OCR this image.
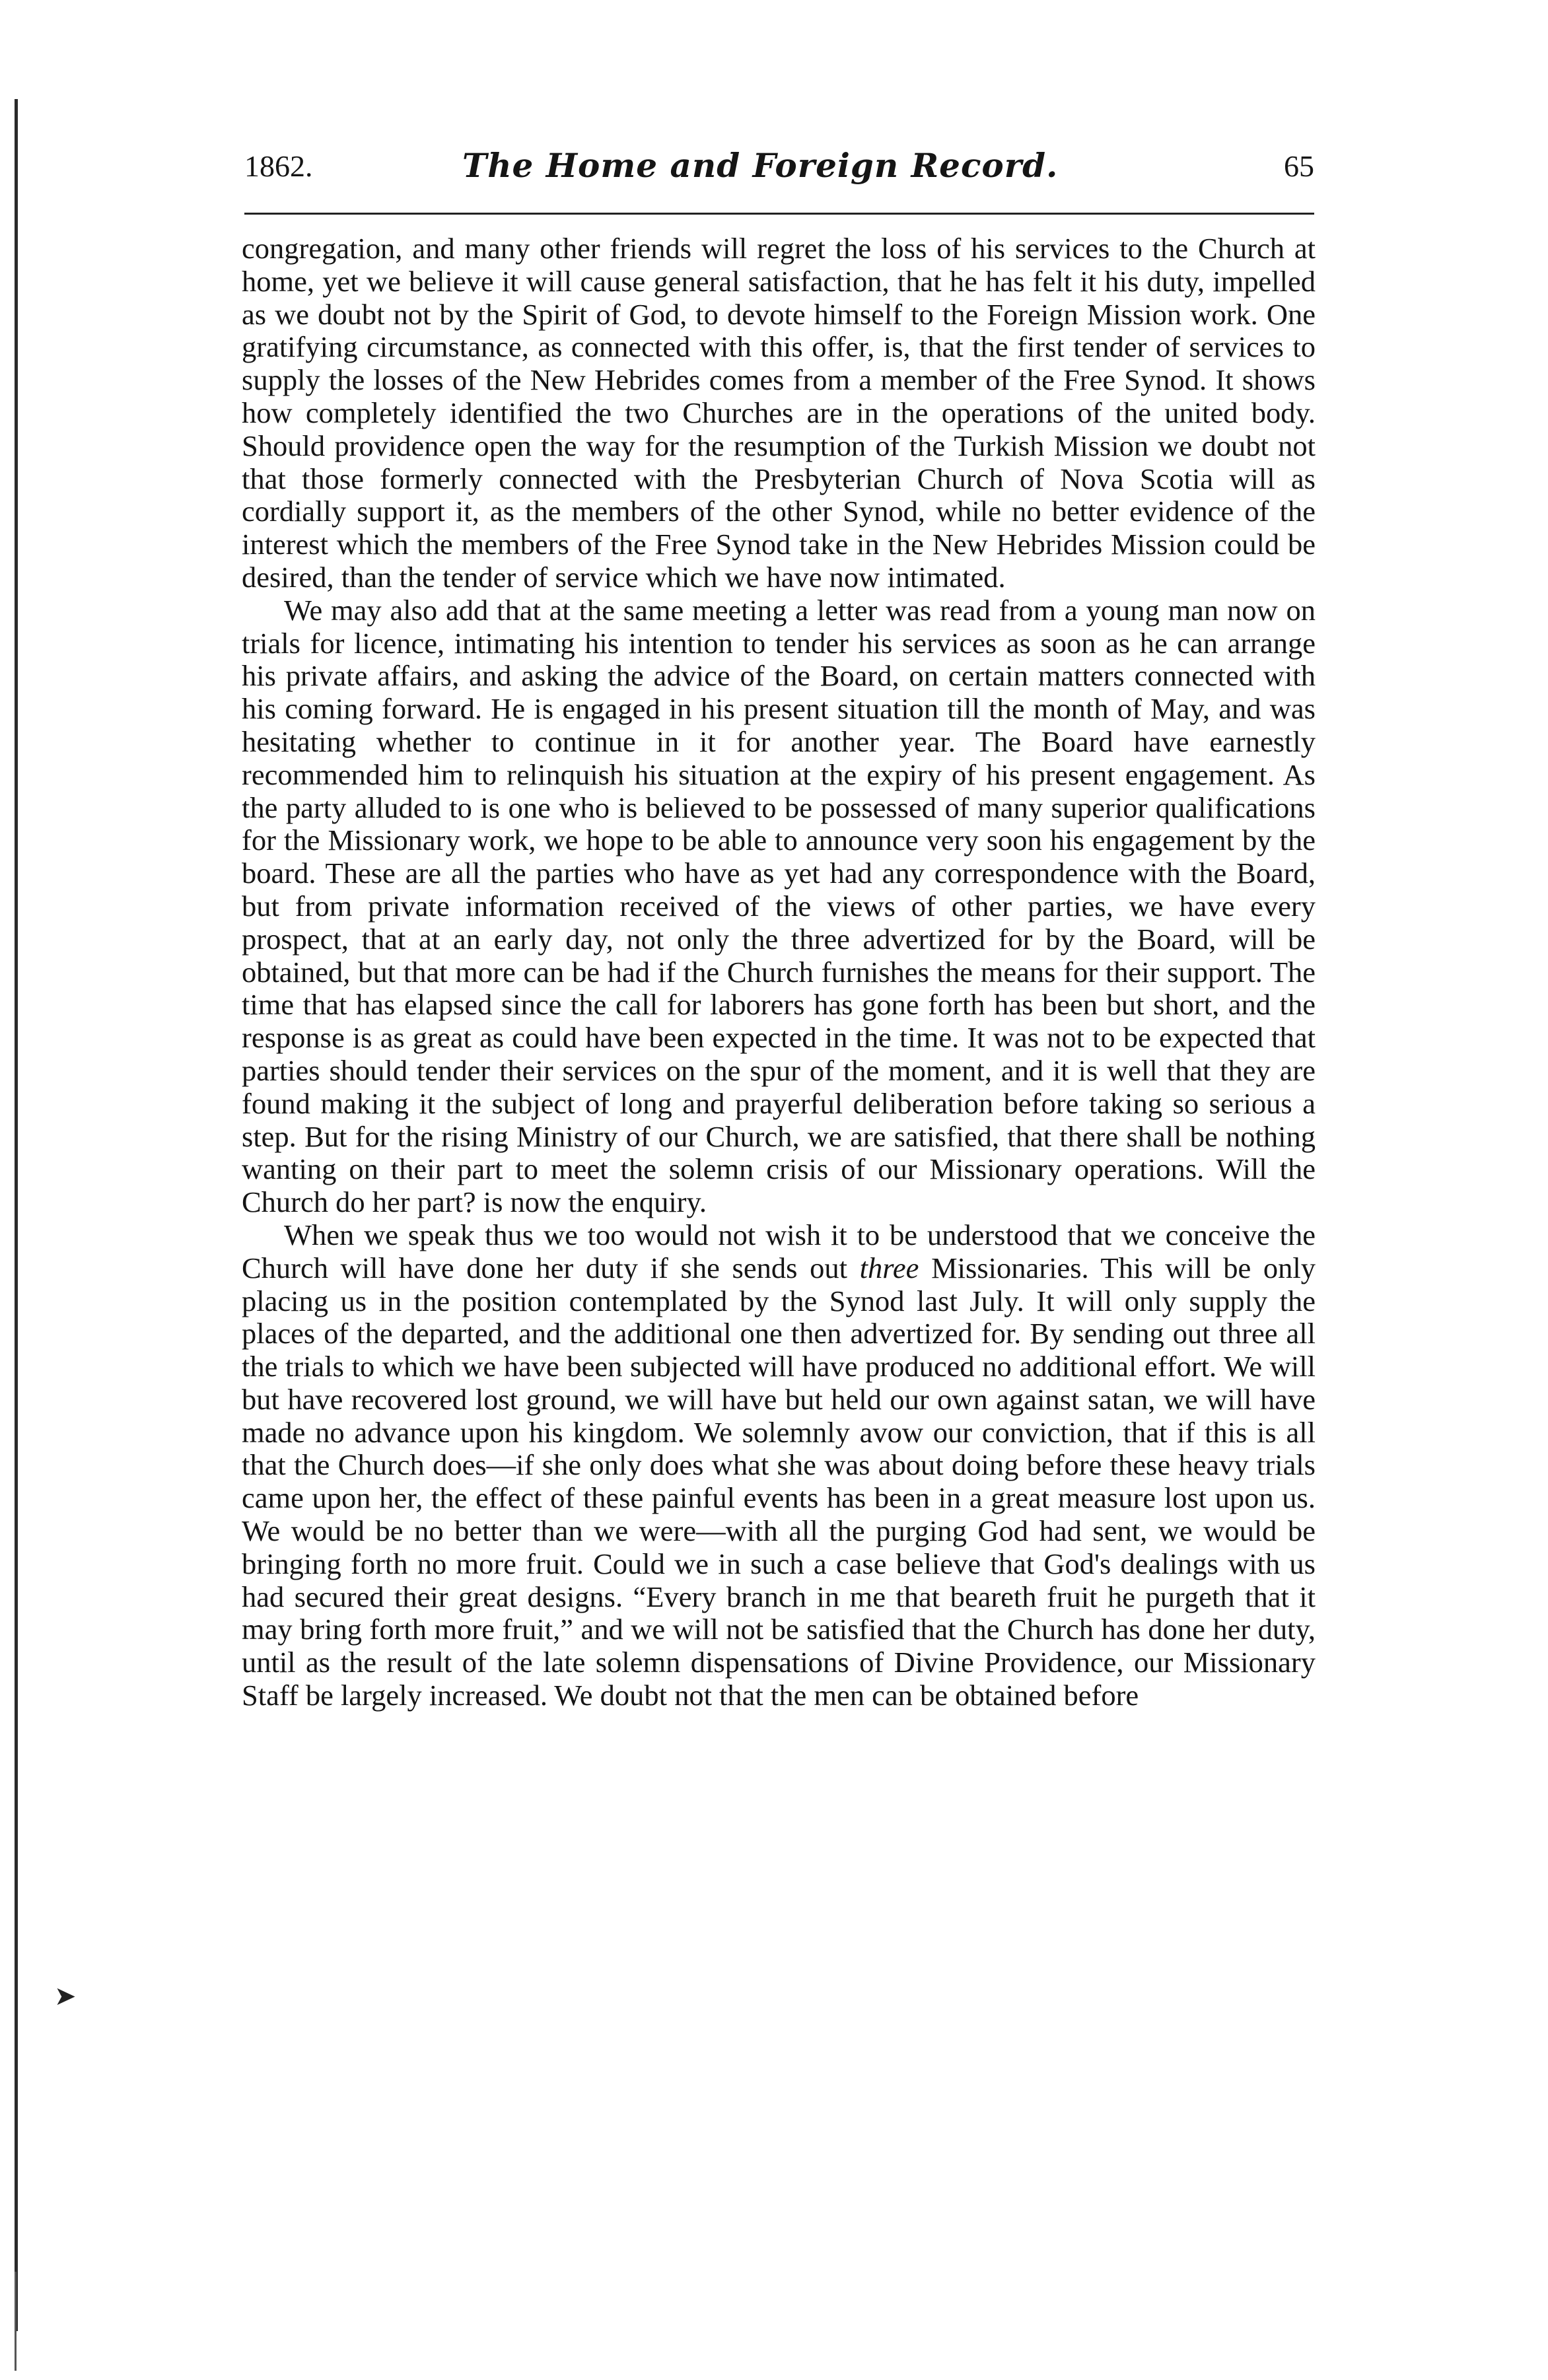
1862.	The Home and Foreign Record.	65

congregation, and many other friends will regret the loss of his services to the Church at home, yet we believe it will cause general satisfaction, that he has felt it his duty, impelled as we doubt not by the Spirit of God, to devote himself to the Foreign Mission work. One gratifying circumstance, as connected with this offer, is, that the first tender of services to supply the losses of the New Hebrides comes from a member of the Free Synod. It shows how completely identified the two Churches are in the operations of the united body. Should providence open the way for the resumption of the Turkish Mission we doubt not that those formerly connected with the Presbyterian Church of Nova Scotia will as cordially support it, as the members of the other Synod, while no better evidence of the interest which the members of the Free Synod take in the New Hebrides Mission could be desired, than the tender of service which we have now intimated.

We may also add that at the same meeting a letter was read from a young man now on trials for licence, intimating his intention to tender his services as soon as he can arrange his private affairs, and asking the advice of the Board, on certain matters connected with his coming forward. He is engaged in his present situation till the month of May, and was hesitating whether to continue in it for another year. The Board have earnestly recommended him to relinquish his situation at the expiry of his present engagement. As the party alluded to is one who is believed to be possessed of many superior qualifications for the Missionary work, we hope to be able to announce very soon his engagement by the board. These are all the parties who have as yet had any correspondence with the Board, but from private information received of the views of other parties, we have every prospect, that at an early day, not only the three advertized for by the Board, will be obtained, but that more can be had if the Church furnishes the means for their support. The time that has elapsed since the call for laborers has gone forth has been but short, and the response is as great as could have been expected in the time. It was not to be expected that parties should tender their services on the spur of the moment, and it is well that they are found making it the subject of long and prayerful deliberation before taking so serious a step. But for the rising Ministry of our Church, we are satisfied, that there shall be nothing wanting on their part to meet the solemn crisis of our Missionary operations. Will the Church do her part? is now the enquiry.

When we speak thus we too would not wish it to be understood that we conceive the Church will have done her duty if she sends out three Missionaries. This will be only placing us in the position contemplated by the Synod last July. It will only supply the places of the departed, and the additional one then advertized for. By sending out three all the trials to which we have been subjected will have produced no additional effort. We will but have recovered lost ground, we will have but held our own against satan, we will have made no advance upon his kingdom. We solemnly avow our conviction, that if this is all that the Church does—if she only does what she was about doing before these heavy trials came upon her, the effect of these painful events has been in a great measure lost upon us. We would be no better than we were—with all the purging God had sent, we would be bringing forth no more fruit. Could we in such a case believe that God's dealings with us had secured their great designs. “Every branch in me that beareth fruit he purgeth that it may bring forth more fruit,” and we will not be satisfied that the Church has done her duty, until as the result of the late solemn dispensations of Divine Providence, our Missionary Staff be largely increased. We doubt not that the men can be obtained before

➤
